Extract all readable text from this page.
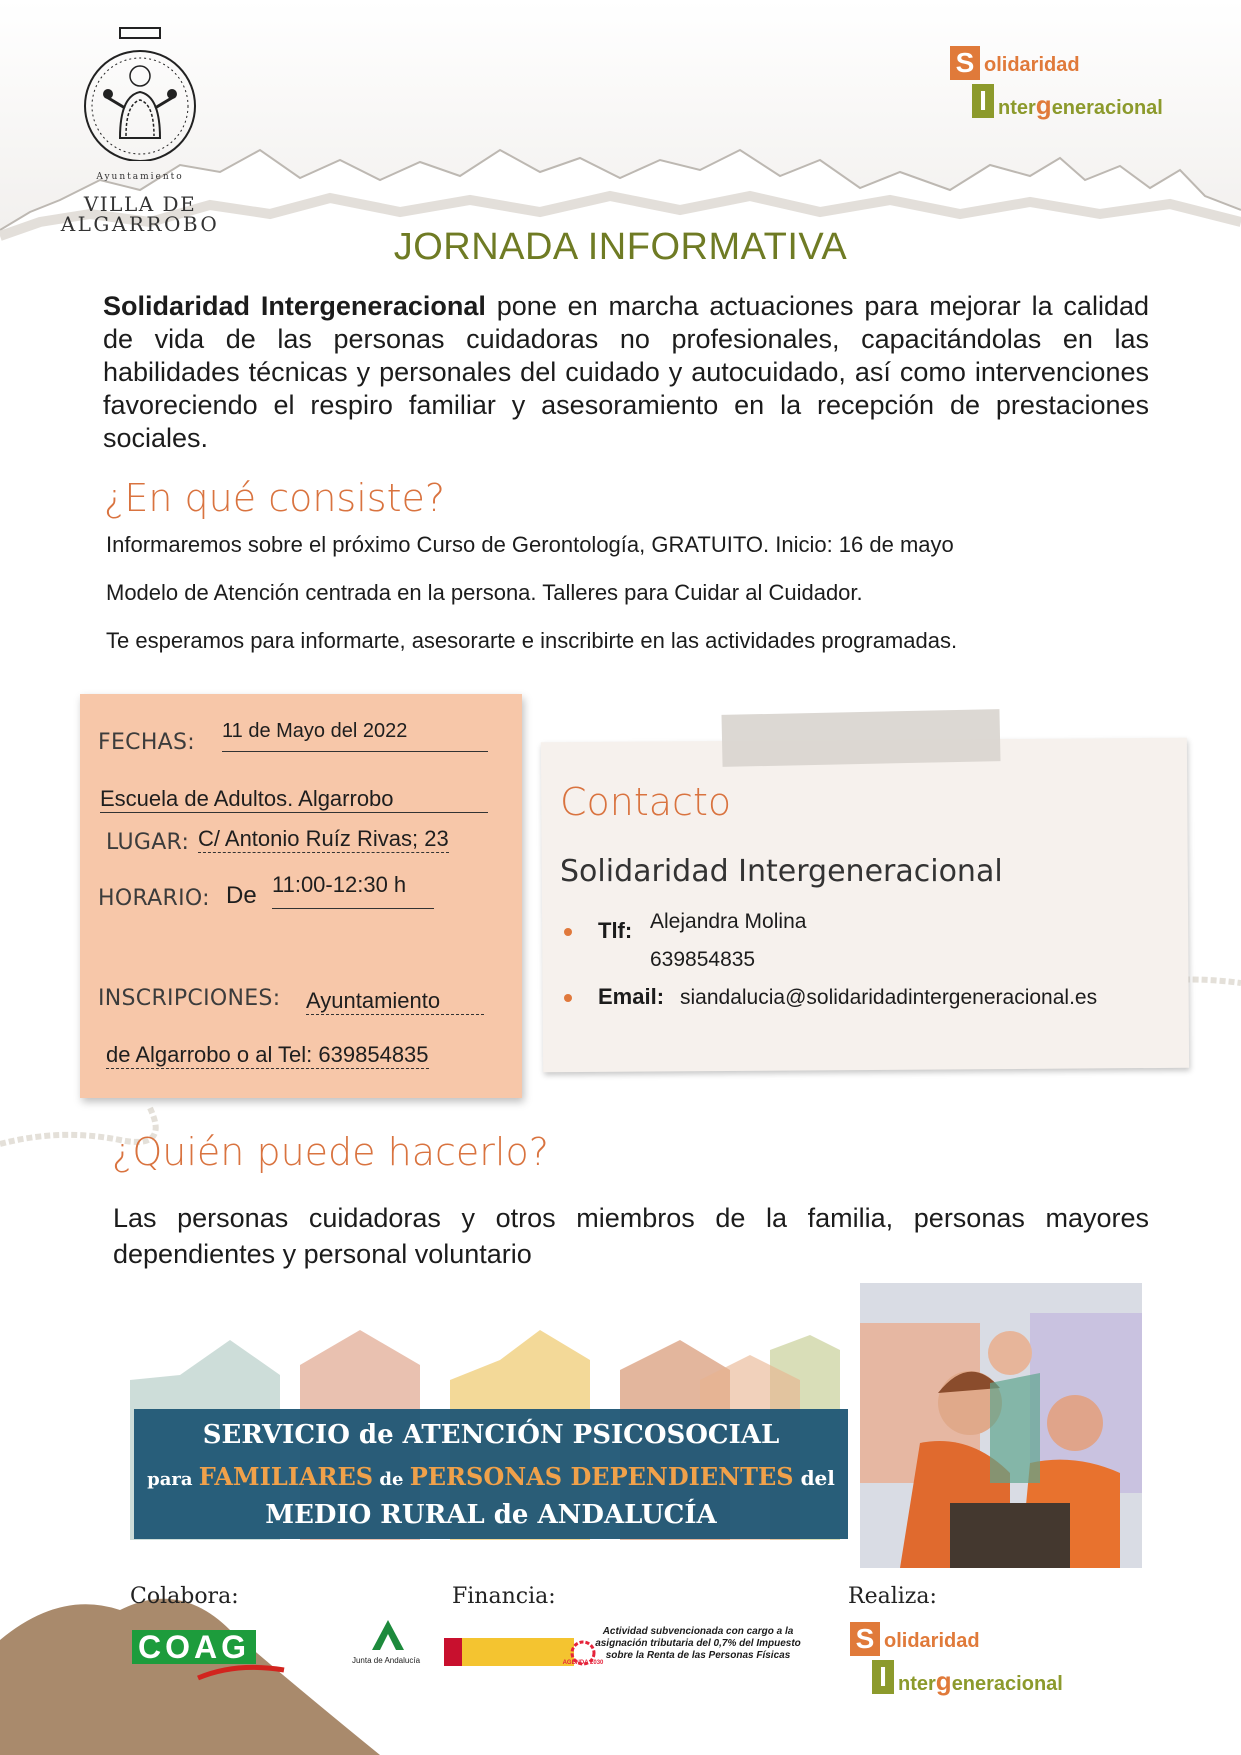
Ayuntamiento
VILLA DE
ALGARROBO
S olidaridad
I ntergeneracional
JORNADA INFORMATIVA
Solidaridad Intergeneracional pone en marcha actuaciones para mejorar la calidad de vida de las personas cuidadoras no profesionales, capacitándolas en las habilidades técnicas y personales del cuidado y autocuidado, así como intervenciones favoreciendo el respiro familiar y asesoramiento en la recepción de prestaciones sociales.
¿En qué consiste?
Informaremos sobre el próximo Curso de Gerontología, GRATUITO. Inicio: 16 de mayo
Modelo de Atención centrada en la persona. Talleres para Cuidar al Cuidador.
Te esperamos para informarte, asesorarte e inscribirte en las actividades programadas.
FECHAS: 11 de Mayo del 2022
Escuela de Adultos. Algarrobo
LUGAR: C/ Antonio Ruíz Rivas; 23
HORARIO: De 11:00-12:30 h
INSCRIPCIONES: Ayuntamiento
de Algarrobo o al Tel: 639854835
Contacto
Solidaridad Intergeneracional
Tlf: Alejandra Molina
639854835
Email: siandalucia@solidaridadintergeneracional.es
¿Quién puede hacerlo?
Las personas cuidadoras y otros miembros de la familia, personas mayores dependientes y personal voluntario
SERVICIO de ATENCIÓN PSICOSOCIAL
para FAMILIARES de PERSONAS DEPENDIENTES del
MEDIO RURAL de ANDALUCÍA
Colabora:	Financia:	Realiza:
COAG	Junta de Andalucía	AGENDA 2030
Actividad subvencionada con cargo a la asignación tributaria del 0,7% del Impuesto sobre la Renta de las Personas Físicas
S olidaridad
I ntergeneracional
